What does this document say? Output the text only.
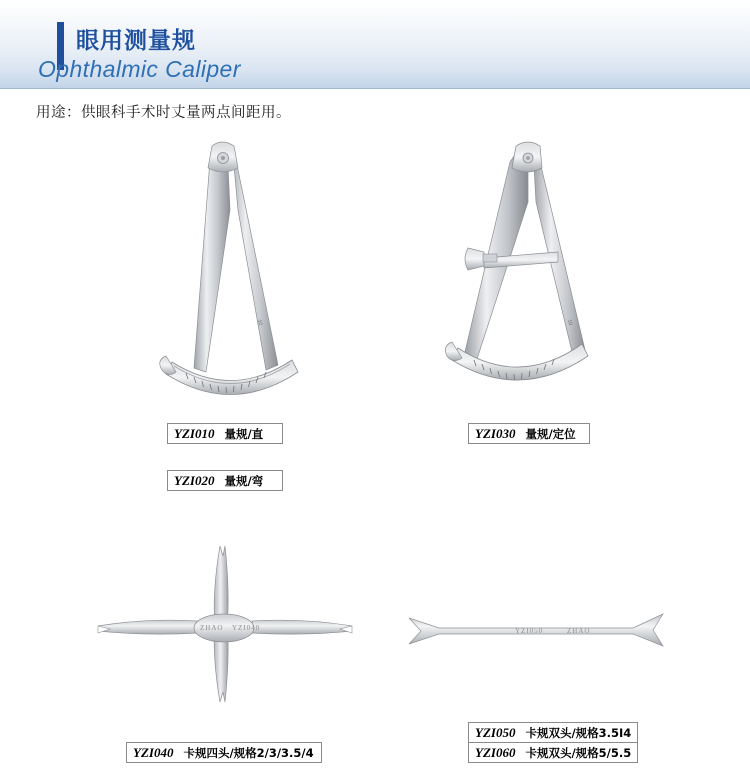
眼用测量规
Ophthalmic Caliper
用途：供眼科手术时丈量两点间距用。
10	10
ZHAO YZI040	YZI050	ZHAO
YZI010 量规/直
YZI020 量规/弯
YZI030 量规/定位
YZI040 卡规四头/规格2/3/3.5/4
YZI050 卡规双头/规格3.5I4
YZI060 卡规双头/规格5/5.5
